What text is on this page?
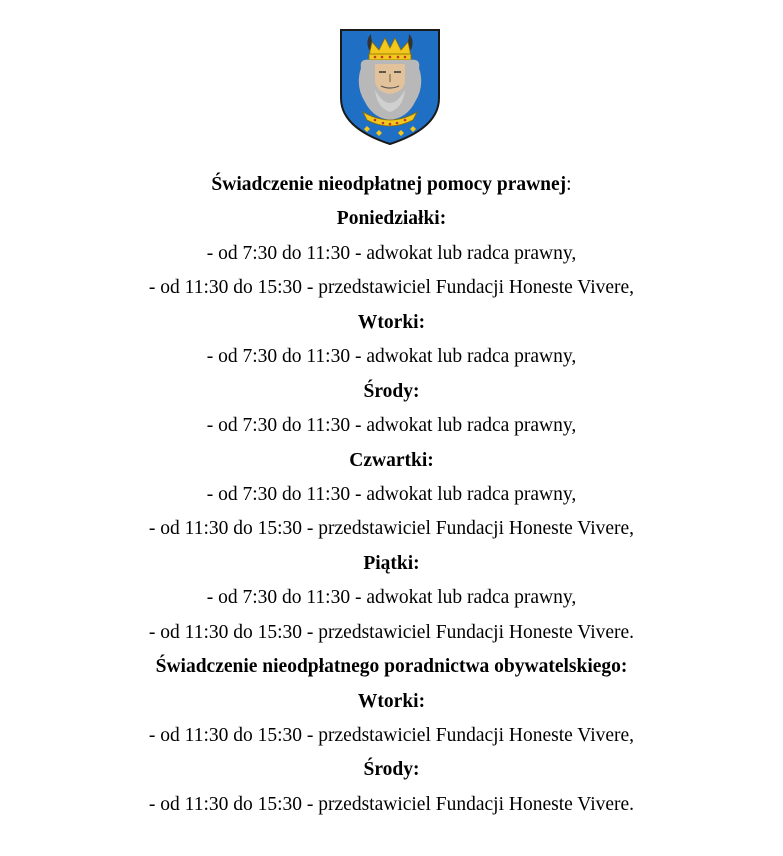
Świadczenie nieodpłatnej pomocy prawnej:
Poniedziałki:
- od 7:30 do 11:30 - adwokat lub radca prawny,
- od 11:30 do 15:30 - przedstawiciel Fundacji Honeste Vivere,
Wtorki:
- od 7:30 do 11:30 - adwokat lub radca prawny,
Środy:
- od 7:30 do 11:30 - adwokat lub radca prawny,
Czwartki:
- od 7:30 do 11:30 - adwokat lub radca prawny,
- od 11:30 do 15:30 - przedstawiciel Fundacji Honeste Vivere,
Piątki:
- od 7:30 do 11:30 - adwokat lub radca prawny,
- od 11:30 do 15:30 - przedstawiciel Fundacji Honeste Vivere.
Świadczenie nieodpłatnego poradnictwa obywatelskiego:
Wtorki:
- od 11:30 do 15:30 - przedstawiciel Fundacji Honeste Vivere,
Środy:
- od 11:30 do 15:30 - przedstawiciel Fundacji Honeste Vivere.
